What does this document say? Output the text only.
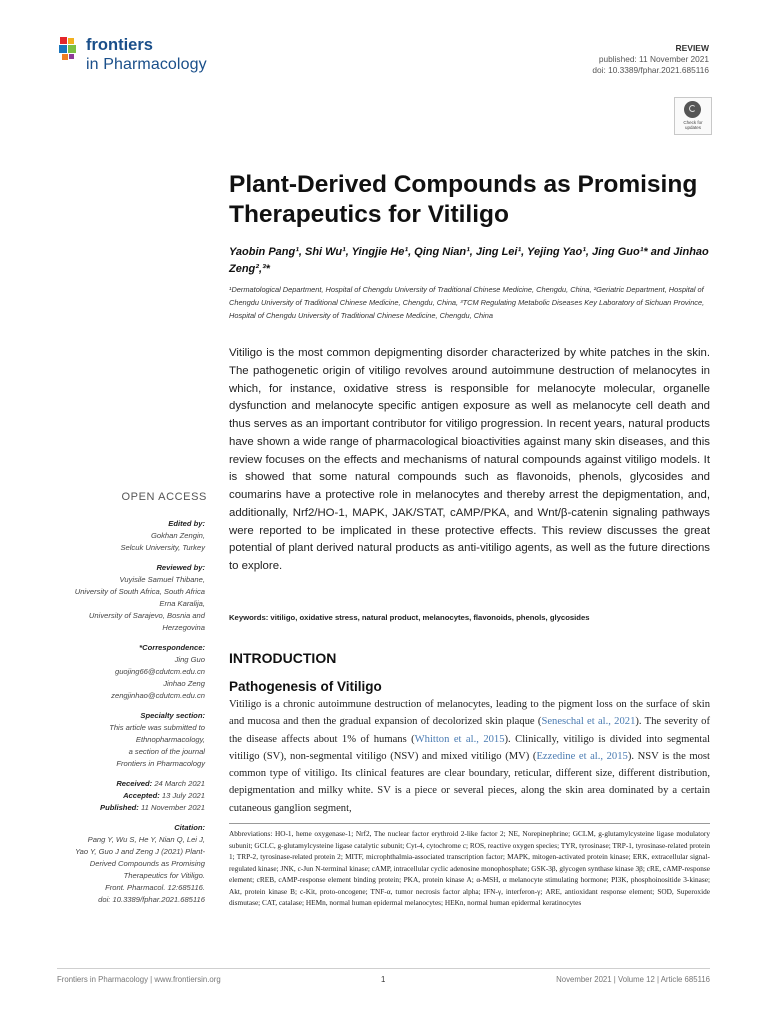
frontiers
in Pharmacology
REVIEW
published: 11 November 2021
doi: 10.3389/fphar.2021.685116
Check for updates
Plant-Derived Compounds as Promising Therapeutics for Vitiligo
Yaobin Pang¹, Shi Wu¹, Yingjie He¹, Qing Nian¹, Jing Lei¹, Yejing Yao¹, Jing Guo¹* and Jinhao Zeng²,³*
¹Dermatological Department, Hospital of Chengdu University of Traditional Chinese Medicine, Chengdu, China, ²Geriatric Department, Hospital of Chengdu University of Traditional Chinese Medicine, Chengdu, China, ³TCM Regulating Metabolic Diseases Key Laboratory of Sichuan Province, Hospital of Chengdu University of Traditional Chinese Medicine, Chengdu, China
Vitiligo is the most common depigmenting disorder characterized by white patches in the skin. The pathogenetic origin of vitiligo revolves around autoimmune destruction of melanocytes in which, for instance, oxidative stress is responsible for melanocyte molecular, organelle dysfunction and melanocyte specific antigen exposure as well as melanocyte cell death and thus serves as an important contributor for vitiligo progression. In recent years, natural products have shown a wide range of pharmacological bioactivities against many skin diseases, and this review focuses on the effects and mechanisms of natural compounds against vitiligo models. It is showed that some natural compounds such as flavonoids, phenols, glycosides and coumarins have a protective role in melanocytes and thereby arrest the depigmentation, and, additionally, Nrf2/HO-1, MAPK, JAK/STAT, cAMP/PKA, and Wnt/β-catenin signaling pathways were reported to be implicated in these protective effects. This review discusses the great potential of plant derived natural products as anti-vitiligo agents, as well as the future directions to explore.
Keywords: vitiligo, oxidative stress, natural product, melanocytes, flavonoids, phenols, glycosides
INTRODUCTION
Pathogenesis of Vitiligo
Vitiligo is a chronic autoimmune destruction of melanocytes, leading to the pigment loss on the surface of skin and mucosa and then the gradual expansion of decolorized skin plaque (Seneschal et al., 2021). The severity of the disease affects about 1% of humans (Whitton et al., 2015). Clinically, vitiligo is divided into segmental vitiligo (SV), non-segmental vitiligo (NSV) and mixed vitiligo (MV) (Ezzedine et al., 2015). NSV is the most common type of vitiligo. Its clinical features are clear boundary, reticular, different size, different distribution, depigmentation and milky white. SV is a piece or several pieces, along the skin area dominated by a certain cutaneous ganglion segment,
Abbreviations: HO-1, heme oxygenase-1; Nrf2, The nuclear factor erythroid 2-like factor 2; NE, Norepinephrine; GCLM, g-glutamylcysteine ligase modulatory subunit; GCLC, g-glutamylcysteine ligase catalytic subunit; Cyt-4, cytochrome c; ROS, reactive oxygen species; TYR, tyrosinase; TRP-1, tyrosinase-related protein 1; TRP-2, tyrosinase-related protein 2; MITF, microphthalmia-associated transcription factor; MAPK, mitogen-activated protein kinase; ERK, extracellular signal-regulated kinase; JNK, c-Jun N-terminal kinase; cAMP, intracellular cyclic adenosine monophosphate; GSK-3β, glycogen synthase kinase 3β; cRE, cAMP-response element; cREB, cAMP-response element binding protein; PKA, protein kinase A; α-MSH, α melanocyte stimulating hormone; PI3K, phosphoinositide 3-kinase; Akt, protein kinase B; c-Kit, proto-oncogene; TNF-α, tumor necrosis factor alpha; IFN-γ, interferon-γ; ARE, antioxidant response element; SOD, Superoxide dismutase; CAT, catalase; HEMn, normal human epidermal melanocytes; HEKn, normal human epidermal keratinocytes
OPEN ACCESS
Edited by:
Gokhan Zengin,
Selcuk University, Turkey
Reviewed by:
Vuyisile Samuel Thibane,
University of South Africa, South Africa
Erna Karalija,
University of Sarajevo, Bosnia and
Herzegovina
*Correspondence:
Jing Guo
guojing66@cdutcm.edu.cn
Jinhao Zeng
zengjinhao@cdutcm.edu.cn
Specialty section:
This article was submitted to
Ethnopharmacology,
a section of the journal
Frontiers in Pharmacology
Received: 24 March 2021
Accepted: 13 July 2021
Published: 11 November 2021
Citation:
Pang Y, Wu S, He Y, Nian Q, Lei J,
Yao Y, Guo J and Zeng J (2021) Plant-
Derived Compounds as Promising
Therapeutics for Vitiligo.
Front. Pharmacol. 12:685116.
doi: 10.3389/fphar.2021.685116
Frontiers in Pharmacology | www.frontiersin.org	1	November 2021 | Volume 12 | Article 685116
